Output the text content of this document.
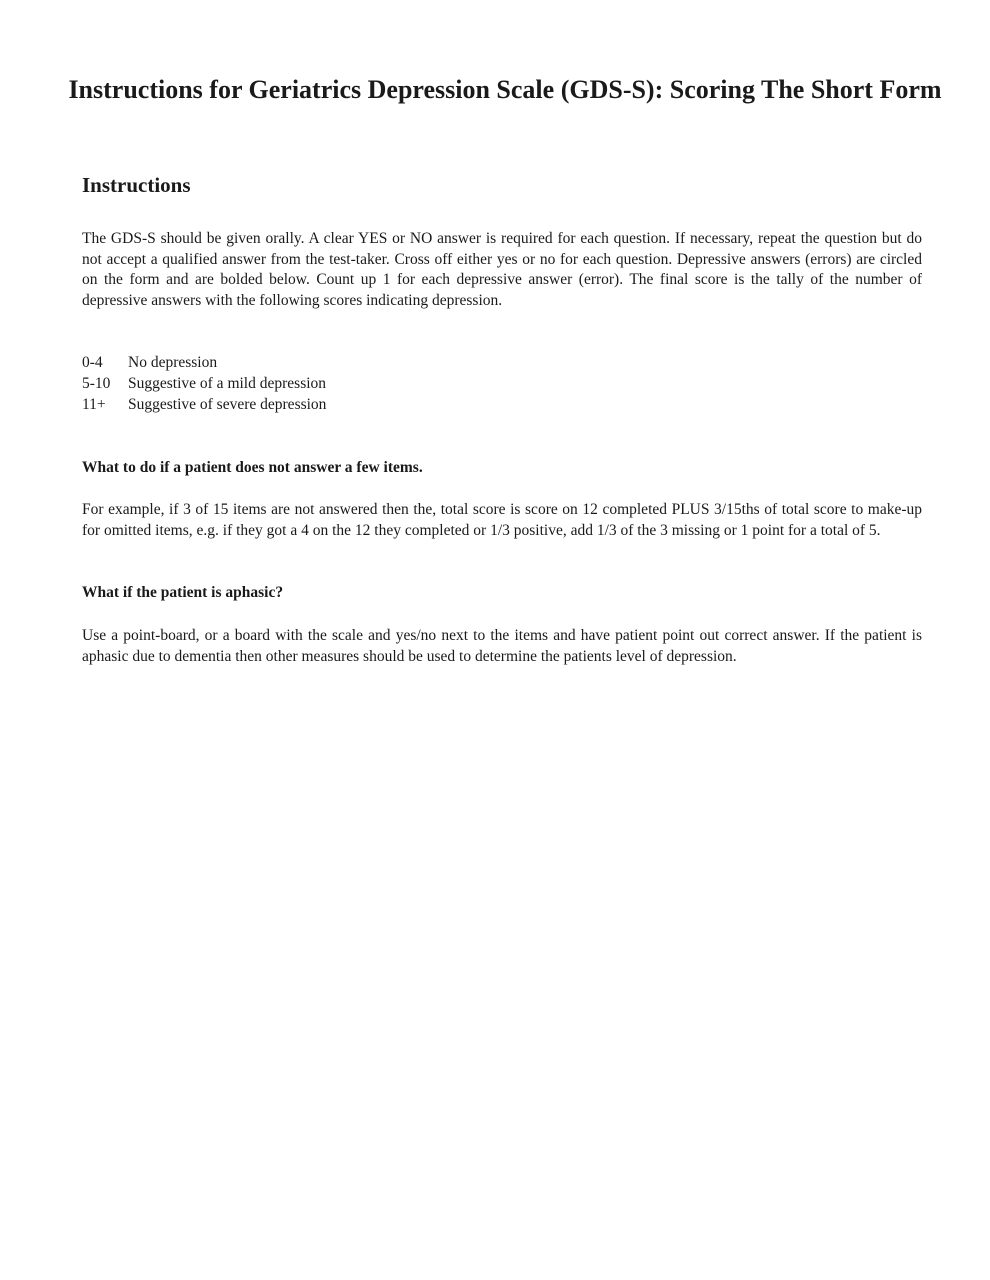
Instructions for Geriatrics Depression Scale (GDS-S): Scoring The Short Form
Instructions
The GDS-S should be given orally. A clear YES or NO answer is required for each question. If necessary, repeat the question but do not accept a qualified answer from the test-taker. Cross off either yes or no for each question. Depressive answers (errors) are circled on the form and are bolded below. Count up 1 for each depressive answer (error). The final score is the tally of the number of depressive answers with the following scores indicating depression.
0-4	No depression
5-10	Suggestive of a mild depression
11+	Suggestive of severe depression
What to do if a patient does not answer a few items.
For example, if 3 of 15 items are not answered then the, total score is score on 12 completed PLUS 3/15ths of total score to make-up for omitted items, e.g. if they got a 4 on the 12 they completed or 1/3 positive, add 1/3 of the 3 missing or 1 point for a total of 5.
What if the patient is aphasic?
Use a point-board, or a board with the scale and yes/no next to the items and have patient point out correct answer. If the patient is aphasic due to dementia then other measures should be used to determine the patients level of depression.
